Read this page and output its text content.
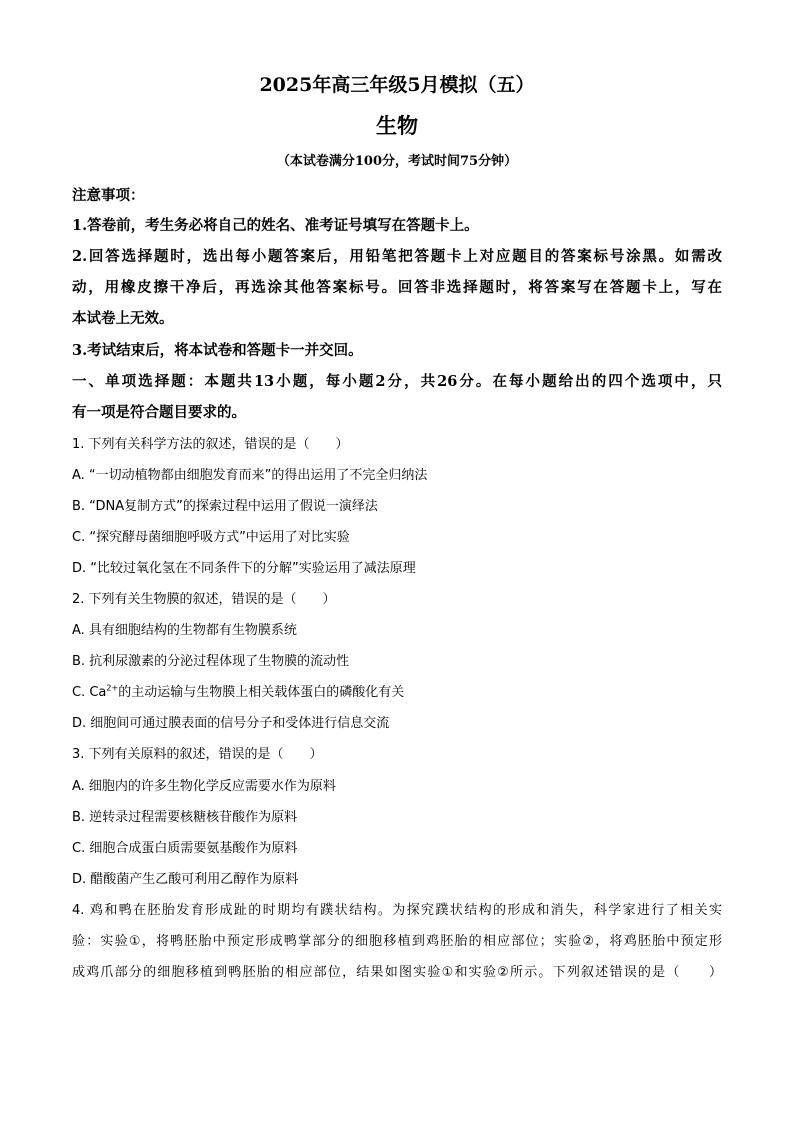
2025年高三年级5月模拟（五）
生物
（本试卷满分100分，考试时间75分钟）
注意事项：
1.答卷前，考生务必将自己的姓名、准考证号填写在答题卡上。
2.回答选择题时，选出每小题答案后，用铅笔把答题卡上对应题目的答案标号涂黑。如需改
动，用橡皮擦干净后，再选涂其他答案标号。回答非选择题时，将答案写在答题卡上，写在
本试卷上无效。
3.考试结束后，将本试卷和答题卡一并交回。
一、单项选择题：本题共13小题，每小题2分，共26分。在每小题给出的四个选项中，只
有一项是符合题目要求的。
1. 下列有关科学方法的叙述，错误的是（　　）
A. “一切动植物都由细胞发育而来”的得出运用了不完全归纳法
B. “DNA复制方式”的探索过程中运用了假说一演绎法
C. “探究酵母菌细胞呼吸方式”中运用了对比实验
D. “比较过氧化氢在不同条件下的分解”实验运用了减法原理
2. 下列有关生物膜的叙述，错误的是（　　）
A. 具有细胞结构的生物都有生物膜系统
B. 抗利尿激素的分泌过程体现了生物膜的流动性
C. $Ca^{2+}$的主动运输与生物膜上相关载体蛋白的磷酸化有关
D. 细胞间可通过膜表面的信号分子和受体进行信息交流
3. 下列有关原料的叙述，错误的是（　　）
A. 细胞内的许多生物化学反应需要水作为原料
B. 逆转录过程需要核糖核苷酸作为原料
C. 细胞合成蛋白质需要氨基酸作为原料
D. 醋酸菌产生乙酸可利用乙醇作为原料
4. 鸡和鸭在胚胎发育形成趾的时期均有蹼状结构。为探究蹼状结构的形成和消失，科学家进行了相关实
验：实验①，将鸭胚胎中预定形成鸭掌部分的细胞移植到鸡胚胎的相应部位；实验②，将鸡胚胎中预定形
成鸡爪部分的细胞移植到鸭胚胎的相应部位，结果如图实验①和实验②所示。下列叙述错误的是（　　）
